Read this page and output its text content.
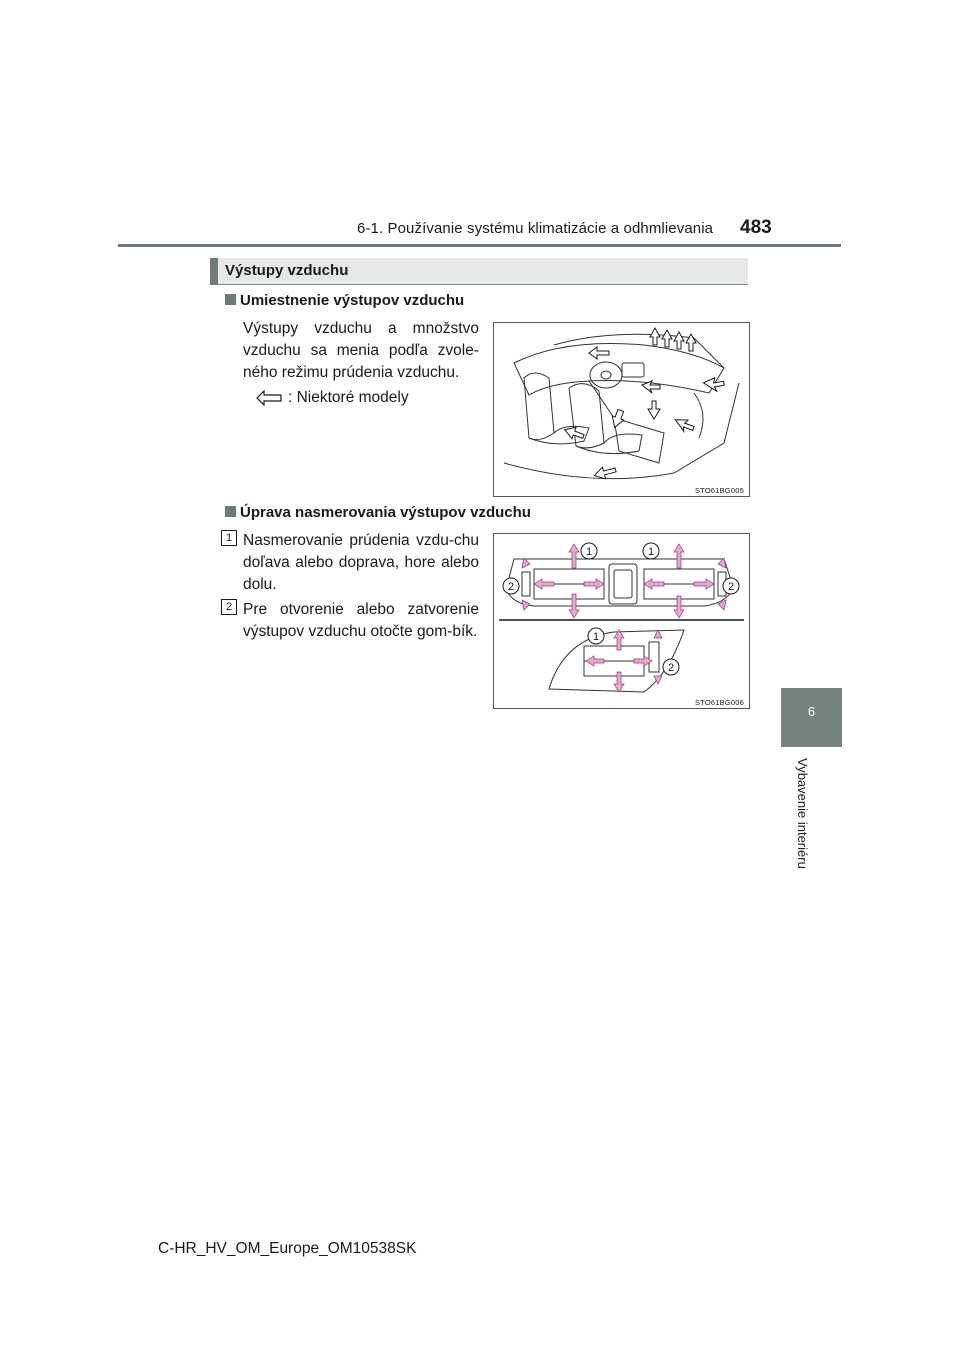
6-1. Používanie systému klimatizácie a odhmlievania 483
6
Vybavenie interiéru
Výstupy vzduchu
Umiestnenie výstupov vzduchu
Výstupy vzduchu a množstvo vzduchu sa menia podľa zvole-ného režimu prúdenia vzduchu.
: Niektoré modely
STO61BG005
Úprava nasmerovania výstupov vzduchu
1 Nasmerovanie prúdenia vzdu-chu doľava alebo doprava, hore alebo dolu.
2 Pre otvorenie alebo zatvorenie výstupov vzduchu otočte gom-bík.
1	1
2	2
1
2
STO61BG006
C-HR_HV_OM_Europe_OM10538SK
